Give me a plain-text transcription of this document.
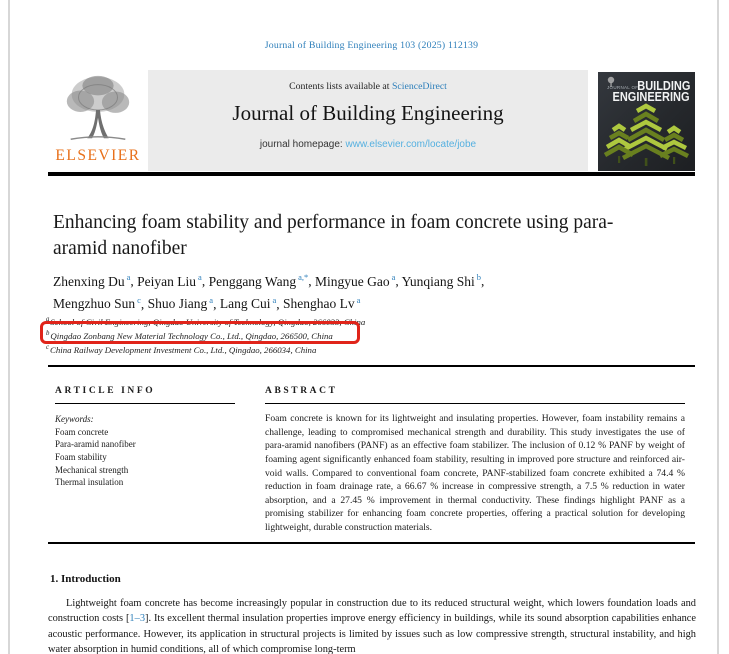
Journal of Building Engineering 103 (2025) 112139
ELSEVIER
Contents lists available at ScienceDirect
Journal of Building Engineering
journal homepage: www.elsevier.com/locate/jobe
JOURNAL OF
BUILDING
ENGINEERING
Enhancing foam stability and performance in foam concrete using para-aramid nanofiber
Zhenxing Du $^a$, Peiyan Liu $^a$, Penggang Wang $^{a,*}$, Mingyue Gao $^a$, Yunqiang Shi $^b$,
Mengzhuo Sun $^c$, Shuo Jiang $^a$, Lang Cui $^a$, Shenghao Lv $^a$
$^a$School of Civil Engineering, Qingdao University of Technology, Qingdao, 266033, China
$^b$Qingdao Zonbang New Material Technology Co., Ltd., Qingdao, 266500, China
$^c$China Railway Development Investment Co., Ltd., Qingdao, 266034, China
ARTICLE INFO
Keywords:
Foam concrete
Para-aramid nanofiber
Foam stability
Mechanical strength
Thermal insulation
ABSTRACT
Foam concrete is known for its lightweight and insulating properties. However, foam instability remains a challenge, leading to compromised mechanical strength and durability. This study investigates the use of para-aramid nanofibers (PANF) as an effective foam stabilizer. The inclusion of 0.12 % PANF by weight of foaming agent significantly enhanced foam stability, resulting in improved pore structure and reinforced air-void walls. Compared to conventional foam concrete, PANF-stabilized foam concrete exhibited a 74.4 % reduction in foam drainage rate, a 66.67 % increase in compressive strength, a 7.5 % reduction in water absorption, and a 27.45 % improvement in thermal conductivity. These findings highlight PANF as a promising stabilizer for enhancing foam concrete properties, offering a practical solution for developing lightweight, durable construction materials.
1. Introduction

Lightweight foam concrete has become increasingly popular in construction due to its reduced structural weight, which lowers foundation loads and construction costs [1–3]. Its excellent thermal insulation properties improve energy efficiency in buildings, while its sound absorption capabilities enhance acoustic performance. However, its application in structural projects is limited by issues such as low compressive strength, structural instability, and high water absorption in humid conditions, all of which compromise long-term
